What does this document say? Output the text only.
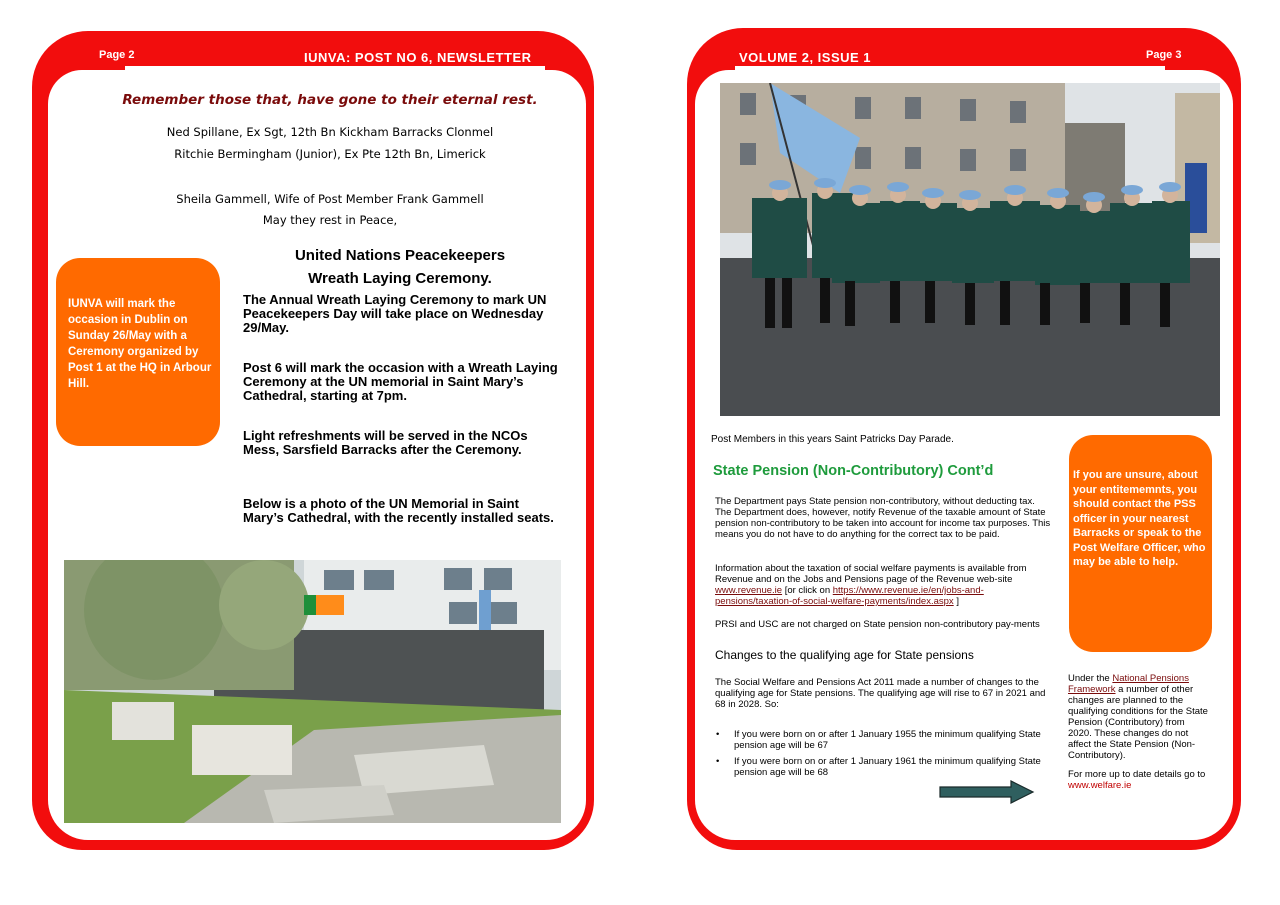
Page 2	IUNVA: POST NO 6, NEWSLETTER
Remember those that, have gone to their eternal rest.
Ned Spillane, Ex Sgt, 12th Bn Kickham Barracks Clonmel
Ritchie Bermingham (Junior), Ex Pte 12th Bn, Limerick
Sheila Gammell, Wife of Post Member Frank Gammell
May they rest in Peace,
IUNVA will mark the occasion in Dublin on Sunday 26/May with a Ceremony organized by Post 1 at the HQ in Arbour Hill.
United Nations Peacekeepers
Wreath Laying Ceremony.
The Annual Wreath Laying Ceremony to mark UN Peacekeepers Day will take place on Wednesday 29/May.
Post 6 will mark the occasion with a Wreath Laying Ceremony at the UN memorial in Saint Mary’s Cathedral, starting at 7pm.
Light refreshments will be served in the NCOs Mess, Sarsfield Barracks after the Ceremony.
Below is a photo of the UN Memorial in Saint Mary’s Cathedral, with the recently installed seats.
VOLUME 2, ISSUE 1	Page 3
Post Members in this years Saint Patricks Day Parade.
State Pension (Non-Contributory) Cont’d
The Department pays State pension non-contributory, without deducting tax. The Department does, however, notify Revenue of the taxable amount of State pension non-contributory to be taken into account for income tax purposes. This means you do not have to do anything for the correct tax to be paid.
Information about the taxation of social welfare payments is available from Revenue and on the Jobs and Pensions page of the Revenue web-site www.revenue.ie [or click on https://www.revenue.ie/en/jobs-and-pensions/taxation-of-social-welfare-payments/index.aspx ]
PRSI and USC are not charged on State pension non-contributory pay-ments
Changes to the qualifying age for State pensions
The Social Welfare and Pensions Act 2011 made a number of changes to the qualifying age for State pensions. The qualifying age will rise to 67 in 2021 and 68 in 2028. So:
• If you were born on or after 1 January 1955 the minimum qualifying State pension age will be 67
• If you were born on or after 1 January 1961 the minimum qualifying State pension age will be 68
If you are unsure, about your entitememnts, you should contact the PSS officer in your nearest Barracks or speak to the Post Welfare Officer, who may be able to help.
Under the National Pensions Framework a number of other changes are planned to the qualifying conditions for the State Pension (Contributory) from 2020. These changes do not affect the State Pension (Non-Contributory).
For more up to date details go to www.welfare.ie
